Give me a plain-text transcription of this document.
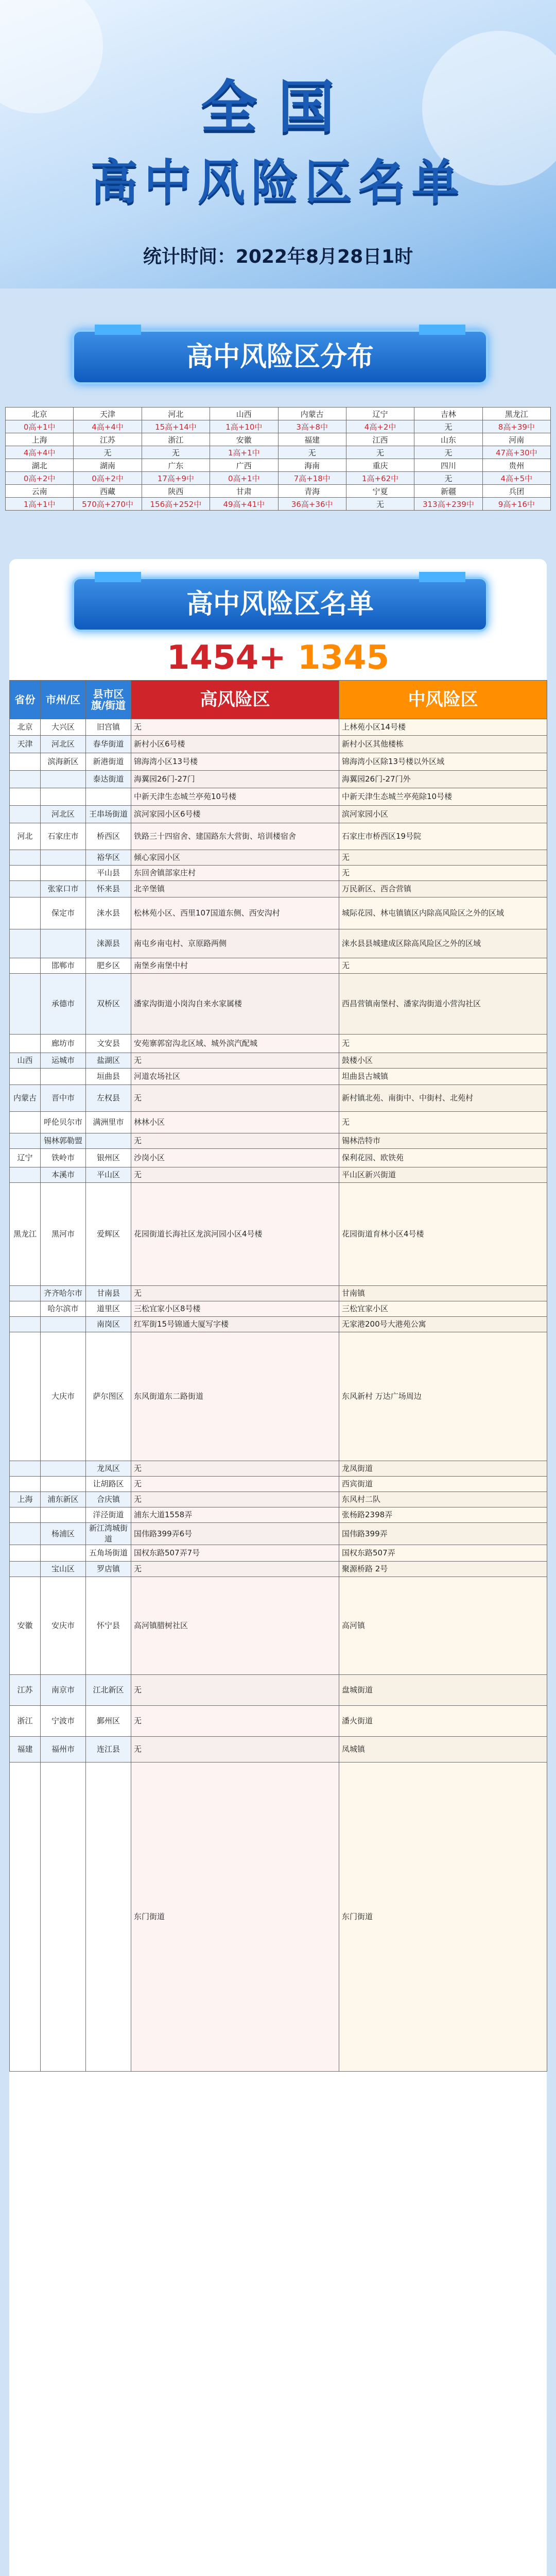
全国
高中风险区名单
统计时间：2022年8月28日1时
高中风险区分布
北京	天津	河北	山西	内蒙古	辽宁	吉林	黑龙江
0高+1中	4高+4中	15高+14中	1高+10中	3高+8中	4高+2中	无	8高+39中
上海	江苏	浙江	安徽	福建	江西	山东	河南
4高+4中	无	无	1高+1中	无	无	无	47高+30中
湖北	湖南	广东	广西	海南	重庆	四川	贵州
0高+2中	0高+2中	17高+9中	0高+1中	7高+18中	1高+62中	无	4高+5中
云南	西藏	陕西	甘肃	青海	宁夏	新疆	兵团
1高+1中	570高+270中	156高+252中	49高+41中	36高+36中	无	313高+239中	9高+16中
高中风险区名单
1454+ 1345
省份	市州/区	县市区旗/街道	高风险区	中风险区
北京	大兴区	旧宫镇	无	上林苑小区14号楼
天津	河北区	春华街道	新村小区6号楼	新村小区其他楼栋
	滨海新区	新港街道	锦海湾小区13号楼	锦海湾小区除13号楼以外区域
		泰达街道	海翼园26门-27门	海翼园26门-27门外
			中新天津生态城兰亭苑10号楼	中新天津生态城兰亭苑除10号楼
	河北区	王串场街道	滨河家园小区6号楼	滨河家园小区
河北	石家庄市	桥西区	铁路三十四宿舍、建国路东大营街、培训楼宿舍	石家庄市桥西区19号院
		裕华区	倾心家园小区	无
		平山县	东回舍镇部家庄村	无
	张家口市	怀来县	北辛堡镇	万民新区、西合营镇
	保定市	涞水县	松林苑小区、西里107国道东侧、西安沟村	城际花园、林屯镇镇区内除高风险区之外的区域
		涞源县	南屯乡南屯村、京原路两侧	涞水县县城建成区除高风险区之外的区域
	邯郸市	肥乡区	南堡乡南堡中村	无
	承德市	双桥区	潘家沟街道小岗沟自来水家属楼	西昌营镇南堡村、潘家沟街道小营沟社区
	廊坊市	文安县	安苑寨郭窑沟北区域、城外滨汽配城	无
山西	运城市	盐湖区	无	鼓楼小区
		垣曲县	河道农场社区	坦曲县古城镇
内蒙古	晋中市	左权县	无	新村镇北苑、南街中、中街村、北苑村
	呼伦贝尔市	满洲里市	林林小区	无
	锡林郭勒盟		无	锡林浩特市
辽宁	铁岭市	银州区	沙岗小区	保利花园、欧铁苑
	本溪市	平山区	无	平山区新兴街道
黑龙江	黑河市	爱辉区	花园街道长海社区龙滨河园小区4号楼	花园街道育林小区4号楼
	齐齐哈尔市	甘南县	无	甘南镇
	哈尔滨市	道里区	三松宜家小区8号楼	三松宜家小区
		南岗区	红军街15号锦通大厦写字楼	无家港200号大港苑公寓
	大庆市	萨尔图区	东风街道东二路街道	东风新村 万达广场周边
		龙凤区	无	龙凤街道
		让胡路区	无	西宾街道
上海	浦东新区	合庆镇	无	东风村二队
		洋泾街道	浦东大道1558弄	张杨路2398弄
	杨浦区	新江湾城街道	国伟路399弄6号	国伟路399弄
		五角场街道	国权东路507弄7号	国权东路507弄
	宝山区	罗店镇	无	聚源桥路 2号
安徽	安庆市	怀宁县	高河镇腊树社区	高河镇
江苏	南京市	江北新区	无	盘城街道
浙江	宁波市	鄞州区	无	潘火街道
福建	福州市	连江县	无	凤城镇
			东门街道	东门街道
